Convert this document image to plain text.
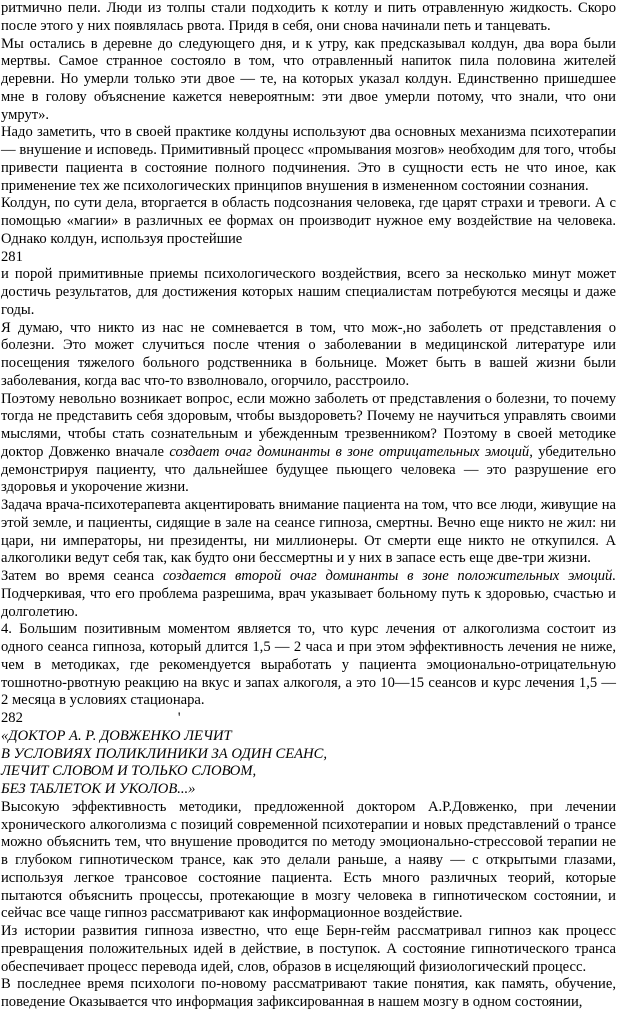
ритмично пели. Люди из толпы стали подходить к котлу и пить отравленную жидкость. Скоро после этого у них появлялась рвота. Придя в себя, они снова начинали петь и танцевать.

Мы остались в деревне до следующего дня, и к утру, как предсказывал колдун, два вора были мертвы. Самое странное состояло в том, что отравленный напиток пила половина жителей деревни. Но умерли только эти двое — те, на которых указал колдун. Единственно пришедшее мне в голову объяснение кажется невероятным: эти двое умерли потому, что знали, что они умрут».

Надо заметить, что в своей практике колдуны используют два основных механизма психотерапии — внушение и исповедь. Примитивный процесс «промывания мозгов» необходим для того, чтобы привести пациента в состояние полного подчинения. Это в сущности есть не что иное, как применение тех же психологических принципов внушения в измененном состоянии сознания.

Колдун, по сути дела, вторгается в область подсознания человека, где царят страхи и тревоги. А с помощью «магии» в различных ее формах он производит нужное ему воздействие на человека. Однако колдун, используя простейшие

281

и порой примитивные приемы психологического воздействия, всего за несколько минут может достичь результатов, для достижения которых нашим специалистам потребуются месяцы и даже годы.

Я думаю, что никто из нас не сомневается в том, что мож-,но заболеть от представления о болезни. Это может случиться после чтения о заболевании в медицинской литературе или посещения тяжелого больного родственника в больнице. Может быть в вашей жизни были заболевания, когда вас что-то взволновало, огорчило, расстроило.

Поэтому невольно возникает вопрос, если можно заболеть от представления о болезни, то почему тогда не представить себя здоровым, чтобы выздороветь? Почему не научиться управлять своими мыслями, чтобы стать сознательным и убежденным трезвенником? Поэтому в своей методике доктор Довженко вначале создает очаг доминанты в зоне отрицательных эмоций, убедительно демонстрируя пациенту, что дальнейшее будущее пьющего человека — это разрушение его здоровья и укорочение жизни.

Задача врача-психотерапевта акцентировать внимание пациента на том, что все люди, живущие на этой земле, и пациенты, сидящие в зале на сеансе гипноза, смертны. Вечно еще никто не жил: ни цари, ни императоры, ни президенты, ни миллионеры. От смерти еще никто не откупился. А алкоголики ведут себя так, как будто они бессмертны и у них в запасе есть еще две-три жизни.

Затем во время сеанса создается второй очаг доминанты в зоне положительных эмоций. Подчеркивая, что его проблема разрешима, врач указывает больному путь к здоровью, счастью и долголетию.

4. Большим позитивным моментом является то, что курс лечения от алкоголизма состоит из одного сеанса гипноза, который длится 1,5 — 2 часа и при этом эффективность лечения не ниже, чем в методиках, где рекомендуется выработать у пациента эмоционально-отрицательную тошнотно-рвотную реакцию на вкус и запах алкоголя, а это 10—15 сеансов и курс лечения 1,5 — 2 месяца в условиях стационара.

282	'

«ДОКТОР А. Р. ДОВЖЕНКО ЛЕЧИТ

В УСЛОВИЯХ ПОЛИКЛИНИКИ ЗА ОДИН СЕАНС,

ЛЕЧИТ СЛОВОМ И ТОЛЬКО СЛОВОМ,

БЕЗ ТАБЛЕТОК И УКОЛОВ...»

Высокую эффективность методики, предложенной доктором А.Р.Довженко, при лечении хронического алкоголизма с позиций современной психотерапии и новых представлений о трансе можно объяснить тем, что внушение проводится по методу эмоционально-стрессовой терапии не в глубоком гипнотическом трансе, как это делали раньше, а наяву — с открытыми глазами, используя легкое трансовое состояние пациента. Есть много различных теорий, которые пытаются объяснить процессы, протекающие в мозгу человека в гипнотическом состоянии, и сейчас все чаще гипноз рассматривают как информационное воздействие.

Из истории развития гипноза известно, что еще Берн-гейм рассматривал гипноз как процесс превращения положительных идей в действие, в поступок. А состояние гипнотического транса обеспечивает процесс перевода идей, слов, образов в исцеляющий физиологический процесс.

В последнее время психологи по-новому рассматривают такие понятия, как память, обучение, поведение Оказывается что информация зафиксированная в нашем мозгу в одном состоянии,
